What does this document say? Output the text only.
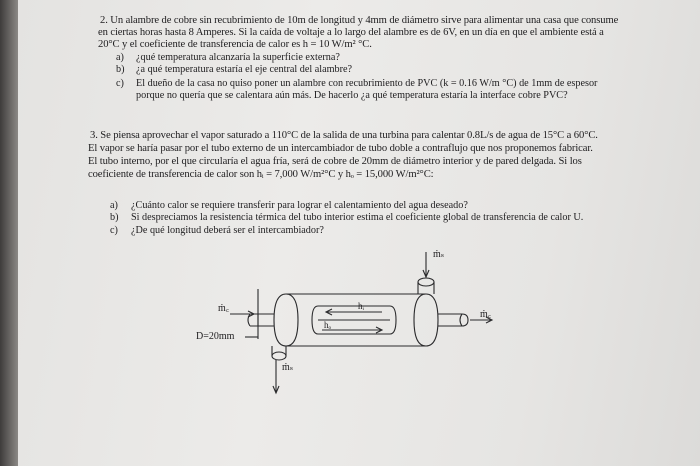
2. Un alambre de cobre sin recubrimiento de 10m de longitud y 4mm de diámetro sirve para alimentar una casa que consume
en ciertas horas hasta 8 Amperes. Si la caída de voltaje a lo largo del alambre es de 6V, en un día en que el ambiente está a
20°C y el coeficiente de transferencia de calor es h = 10 W/m² °C.
a) ¿qué temperatura alcanzaría la superficie externa?
b) ¿a qué temperatura estaría el eje central del alambre?
c) El dueño de la casa no quiso poner un alambre con recubrimiento de PVC (k = 0.16 W/m °C) de 1mm de espesor
porque no quería que se calentara aún más. De hacerlo ¿a qué temperatura estaría la interface cobre PVC?
3. Se piensa aprovechar el vapor saturado a 110°C de la salida de una turbina para calentar 0.8L/s de agua de 15°C a 60°C.
El vapor se haría pasar por el tubo externo de un intercambiador de tubo doble a contraflujo que nos proponemos fabricar.
El tubo interno, por el que circularía el agua fría, será de cobre de 20mm de diámetro interior y de pared delgada. Si los
coeficiente de transferencia de calor son hᵢ = 7,000 W/m²°C y hₒ = 15,000 W/m²°C:
a) ¿Cuánto calor se requiere transferir para lograr el calentamiento del agua deseado?
b) Si despreciamos la resistencia térmica del tubo interior estima el coeficiente global de transferencia de calor U.
c) ¿De qué longitud deberá ser el intercambiador?
ṁₛ
ṁ꜀
ṁ꜀
ṁₛ
hᵢ
hₒ
D=20mm
